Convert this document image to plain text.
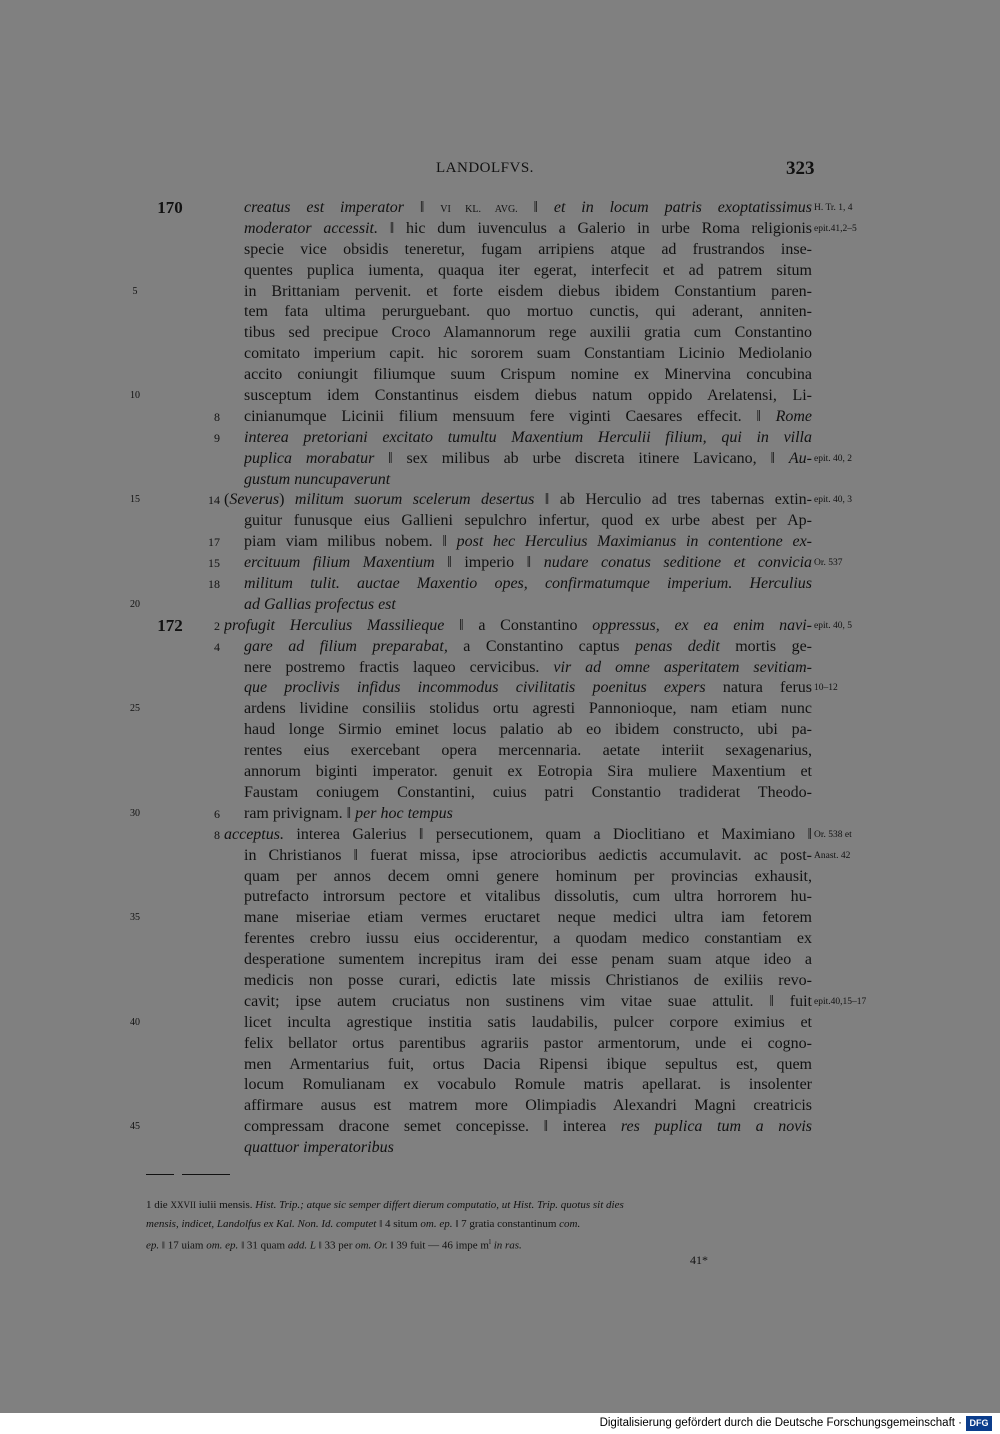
LANDOLFVS.	323
170	creatus est imperator ‖ VI KL. AVG. ‖ et in locum patris exoptatissimus H. Tr. 1, 4
moderator accessit. ‖ hic dum iuvenculus a Galerio in urbe Roma religionis epit.41,2–5
specie vice obsidis teneretur, fugam arripiens atque ad frustrandos inse-
quentes puplica iumenta, quaqua iter egerat, interfecit et ad patrem situm
5	in Brittaniam pervenit. et forte eisdem diebus ibidem Constantium paren-
tem fata ultima perurguebant. quo mortuo cunctis, qui aderant, anniten-
tibus sed precipue Croco Alamannorum rege auxilii gratia cum Constantino
comitato imperium capit. hic sororem suam Constantiam Licinio Mediolanio
accito coniungit filiumque suum Crispum nomine ex Minervina concubina
10	susceptum idem Constantinus eisdem diebus natum oppido Arelatensi, Li-
8 cinianumque Licinii filium mensuum fere viginti Caesares effecit. ‖ Rome
9 interea pretoriani excitato tumultu Maxentium Herculii filium, qui in villa
puplica morabatur ‖ sex milibus ab urbe discreta itinere Lavicano, ‖ Au- epit. 40, 2
gustum nuncupaverunt
15	14 (Severus) militum suorum scelerum desertus ‖ ab Herculio ad tres tabernas extin- epit. 40, 3
guitur funusque eius Gallieni sepulchro infertur, quod ex urbe abest per Ap-
17 piam viam milibus nobem. ‖ post hec Herculius Maximianus in contentione ex-
15 ercituum filium Maxentium ‖ imperio ‖ nudare conatus seditione et convicia Or. 537
18 militum tulit. auctae Maxentio opes, confirmatumque imperium. Herculius
20	ad Gallias profectus est
172	2 profugit Herculius Massilieque ‖ a Constantino oppressus, ex ea enim navi- epit. 40, 5
4 gare ad filium preparabat, a Constantino captus penas dedit mortis ge-
nere postremo fractis laqueo cervicibus. vir ad omne asperitatem sevitiam-
que proclivis infidus incommodus civilitatis poenitus expers natura ferus 10–12
25	ardens lividine consiliis stolidus ortu agresti Pannonioque, nam etiam nunc
haud longe Sirmio eminet locus palatio ab eo ibidem constructo, ubi pa-
rentes eius exercebant opera mercennaria. aetate interiit sexagenarius,
annorum biginti imperator. genuit ex Eotropia Sira muliere Maxentium et
Faustam coniugem Constantini, cuius patri Constantio tradiderat Theodo-
30	6 ram privignam. ‖ per hoc tempus
8 acceptus. interea Galerius ‖ persecutionem, quam a Dioclitiano et Maximiano ‖ Or. 538 et
in Christianos ‖ fuerat missa, ipse atrocioribus aedictis accumulavit. ac post- Anast. 42
quam per annos decem omni genere hominum per provincias exhausit,
putrefacto introrsum pectore et vitalibus dissolutis, cum ultra horrorem hu-
35	mane miseriae etiam vermes eructaret neque medici ultra iam fetorem
ferentes crebro iussu eius occiderentur, a quodam medico constantiam ex
desperatione sumentem increpitus iram dei esse penam suam atque ideo a
medicis non posse curari, edictis late missis Christianos de exiliis revo-
cavit; ipse autem cruciatus non sustinens vim vitae suae attulit. ‖ fuit epit.40,15–17
40	licet inculta agrestique institia satis laudabilis, pulcer corpore eximius et
felix bellator ortus parentibus agrariis pastor armentorum, unde ei cogno-
men Armentarius fuit, ortus Dacia Ripensi ibique sepultus est, quem
locum Romulianam ex vocabulo Romule matris apellarat. is insolenter
affirmare ausus est matrem more Olimpiadis Alexandri Magni creatricis
45	compressam dracone semet concepisse. ‖ interea res puplica tum a novis
quattuor imperatoribus

1 die XXVII iulii mensis. Hist. Trip.; atque sic semper differt dierum computatio, ut Hist. Trip. quotus sit dies
mensis, indicet, Landolfus ex Kal. Non. Id. computet ‖ 4 situm om. ep. ‖ 7 gratia constantinum com.
ep. ‖ 17 uiam om. ep. ‖ 31 quam add. L ‖ 33 per om. Or. ‖ 39 fuit — 46 impe $m^l$ in ras.
41*
Digitalisierung gefördert durch die Deutsche Forschungsgemeinschaft · DFG
